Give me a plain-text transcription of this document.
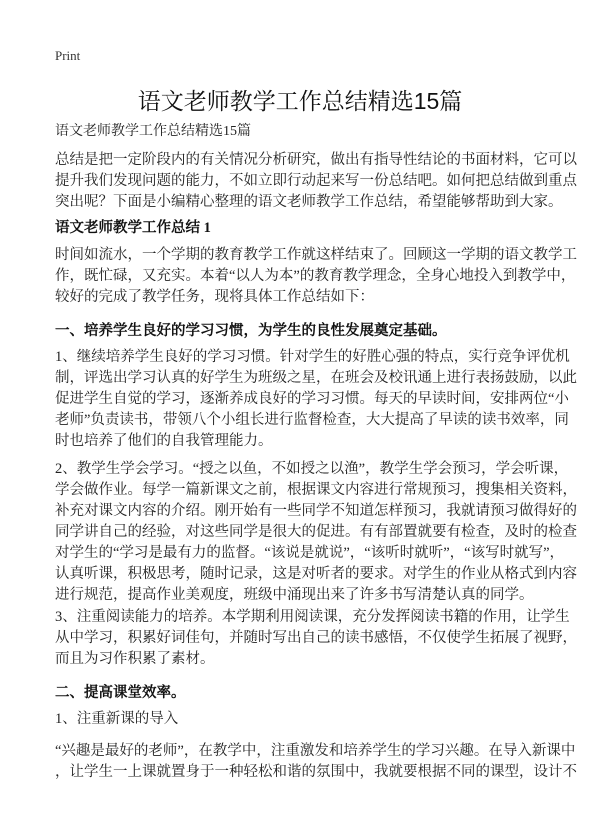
Print
语文老师教学工作总结精选15篇
语文老师教学工作总结精选15篇
总结是把一定阶段内的有关情况分析研究，做出有指导性结论的书面材料，它可以
提升我们发现问题的能力，不如立即行动起来写一份总结吧。如何把总结做到重点
突出呢？下面是小编精心整理的语文老师教学工作总结，希望能够帮助到大家。
语文老师教学工作总结 1
时间如流水，一个学期的教育教学工作就这样结束了。回顾这一学期的语文教学工
作，既忙碌，又充实。本着“以人为本”的教育教学理念，全身心地投入到教学中，
较好的完成了教学任务，现将具体工作总结如下：
一、培养学生良好的学习习惯，为学生的良性发展奠定基础。
1、继续培养学生良好的学习习惯。针对学生的好胜心强的特点，实行竞争评优机
制，评选出学习认真的好学生为班级之星，在班会及校讯通上进行表扬鼓励，以此
促进学生自觉的学习，逐渐养成良好的学习习惯。每天的早读时间，安排两位“小
老师”负责读书，带领八个小组长进行监督检查，大大提高了早读的读书效率，同
时也培养了他们的自我管理能力。
2、教学生学会学习。“授之以鱼，不如授之以渔”，教学生学会预习，学会听课，
学会做作业。每学一篇新课文之前，根据课文内容进行常规预习，搜集相关资料，
补充对课文内容的介绍。刚开始有一些同学不知道怎样预习，我就请预习做得好的
同学讲自己的经验，对这些同学是很大的促进。有有部置就要有检查，及时的检查
对学生的“学习是最有力的监督。“该说是就说”，“该听时就听”，“该写时就写”，
认真听课，积极思考，随时记录，这是对听者的要求。对学生的作业从格式到内容
进行规范，提高作业美观度，班级中涌现出来了许多书写清楚认真的同学。
3、注重阅读能力的培养。本学期利用阅读课，充分发挥阅读书籍的作用，让学生
从中学习，积累好词佳句，并随时写出自己的读书感悟，不仅使学生拓展了视野，
而且为习作积累了素材。
二、提高课堂效率。
1、注重新课的导入
“兴趣是最好的老师”，在教学中，注重激发和培养学生的学习兴趣。在导入新课中
，让学生一上课就置身于一种轻松和谐的氛围中，我就要根据不同的课型，设计不
